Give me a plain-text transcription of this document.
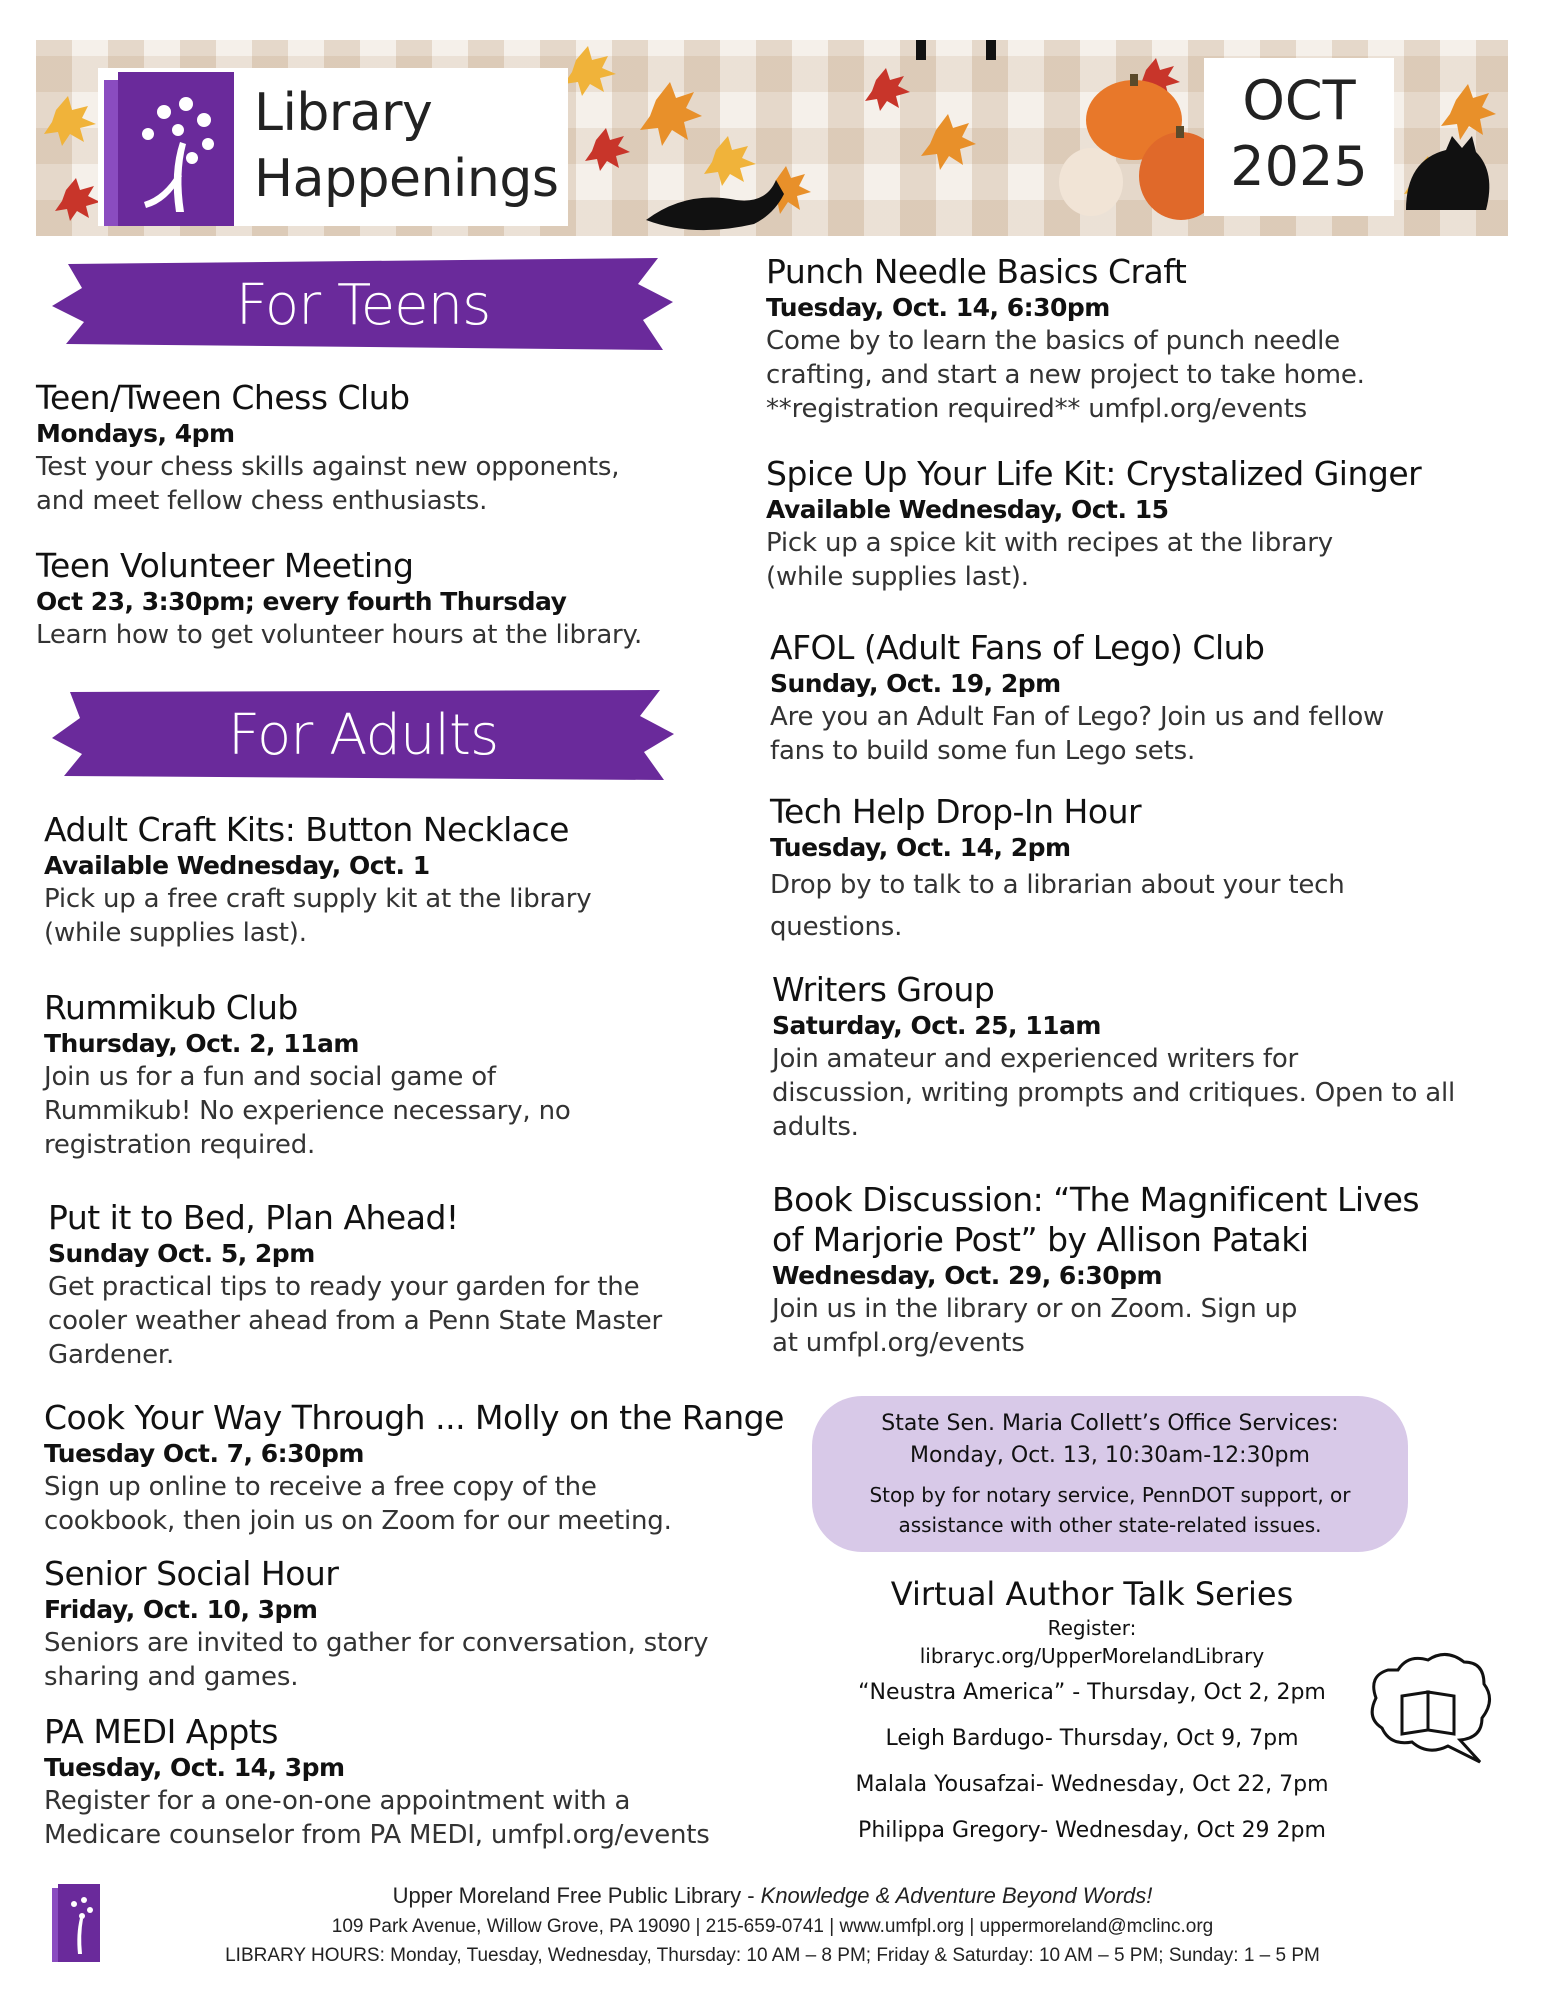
Library
Happenings
OCT
2025
For Teens
Teen/Tween Chess Club
Mondays, 4pm
Test your chess skills against new opponents,
and meet fellow chess enthusiasts.
Teen Volunteer Meeting
Oct 23, 3:30pm; every fourth Thursday
Learn how to get volunteer hours at the library.
For Adults
Adult Craft Kits: Button Necklace
Available Wednesday, Oct. 1
Pick up a free craft supply kit at the library
(while supplies last).
Rummikub Club
Thursday, Oct. 2, 11am
Join us for a fun and social game of
Rummikub! No experience necessary, no
registration required.
Put it to Bed, Plan Ahead!
Sunday Oct. 5, 2pm
Get practical tips to ready your garden for the
cooler weather ahead from a Penn State Master
Gardener.
Cook Your Way Through ... Molly on the Range
Tuesday Oct. 7, 6:30pm
Sign up online to receive a free copy of the
cookbook, then join us on Zoom for our meeting.
Senior Social Hour
Friday, Oct. 10, 3pm
Seniors are invited to gather for conversation, story
sharing and games.
PA MEDI Appts
Tuesday, Oct. 14, 3pm
Register for a one-on-one appointment with a
Medicare counselor from PA MEDI, umfpl.org/events
Punch Needle Basics Craft
Tuesday, Oct. 14, 6:30pm
Come by to learn the basics of punch needle
crafting, and start a new project to take home.
**registration required** umfpl.org/events
Spice Up Your Life Kit: Crystalized Ginger
Available Wednesday, Oct. 15
Pick up a spice kit with recipes at the library
(while supplies last).
AFOL (Adult Fans of Lego) Club
Sunday, Oct. 19, 2pm
Are you an Adult Fan of Lego? Join us and fellow
fans to build some fun Lego sets.
Tech Help Drop-In Hour
Tuesday, Oct. 14, 2pm
Drop by to talk to a librarian about your tech
questions.
Writers Group
Saturday, Oct. 25, 11am
Join amateur and experienced writers for
discussion, writing prompts and critiques. Open to all
adults.
Book Discussion: “The Magnificent Lives
of Marjorie Post” by Allison Pataki
Wednesday, Oct. 29, 6:30pm
Join us in the library or on Zoom. Sign up
at umfpl.org/events
State Sen. Maria Collett’s Office Services:
Monday, Oct. 13, 10:30am-12:30pm
Stop by for notary service, PennDOT support, or
assistance with other state-related issues.
Virtual Author Talk Series
Register:
libraryc.org/UpperMorelandLibrary
“Neustra America” - Thursday, Oct 2, 2pm
Leigh Bardugo- Thursday, Oct 9, 7pm
Malala Yousafzai- Wednesday, Oct 22, 7pm
Philippa Gregory- Wednesday, Oct 29 2pm
Upper Moreland Free Public Library - Knowledge & Adventure Beyond Words!
109 Park Avenue, Willow Grove, PA 19090 | 215-659-0741 | www.umfpl.org | uppermoreland@mclinc.org
LIBRARY HOURS: Monday, Tuesday, Wednesday, Thursday: 10 AM – 8 PM; Friday & Saturday: 10 AM – 5 PM; Sunday: 1 – 5 PM
